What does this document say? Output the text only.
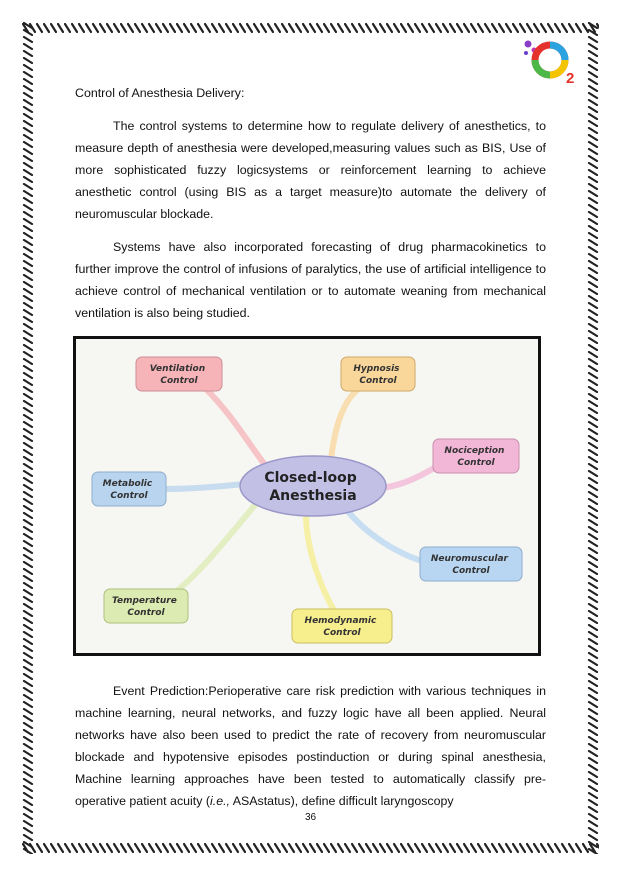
2
Control of Anesthesia Delivery:

The control systems to determine how to regulate delivery of anesthetics, to measure depth of anesthesia were developed,measuring values such as BIS, Use of more sophisticated fuzzy logicsystems or reinforcement learning to achieve anesthetic control (using BIS as a target measure)to automate the delivery of neuromuscular blockade.

Systems have also incorporated forecasting of drug pharmacokinetics to further improve the control of infusions of paralytics, the use of artificial intelligence to achieve control of mechanical ventilation or to automate weaning from mechanical ventilation is also being studied.

Closed-loop Anesthesia
Ventilation Control
Hypnosis Control
Nociception Control
Metabolic Control
Neuromuscular Control
Temperature Control
Hemodynamic Control

Event Prediction:Perioperative care risk prediction with various techniques in machine learning, neural networks, and fuzzy logic have all been applied. Neural networks have also been used to predict the rate of recovery from neuromuscular blockade and hypotensive episodes postinduction or during spinal anesthesia, Machine learning approaches have been tested to automatically classify pre-operative patient acuity (i.e., ASAstatus), define difficult laryngoscopy

36
